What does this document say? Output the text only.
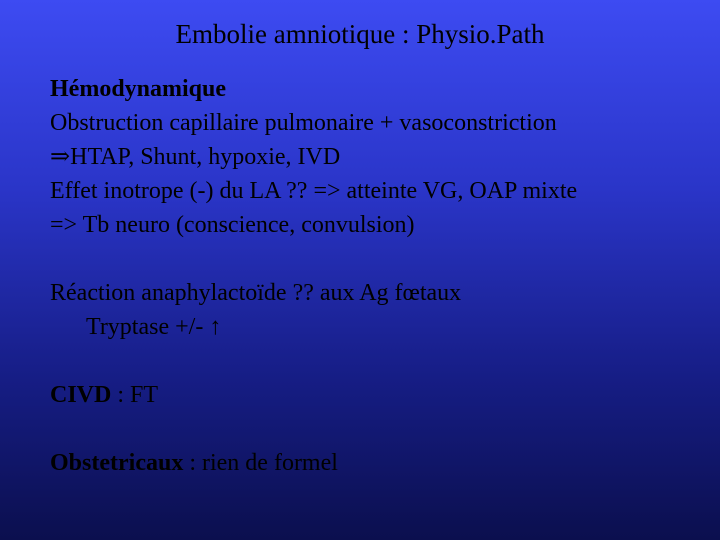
Embolie amniotique : Physio.Path
Hémodynamique
Obstruction capillaire pulmonaire + vasoconstriction
⇒HTAP, Shunt, hypoxie, IVD
Effet inotrope (-) du LA ?? => atteinte VG, OAP mixte
=> Tb neuro (conscience, convulsion)
Réaction anaphylactoïde ?? aux Ag fœtaux
Tryptase +/- ↑
CIVD : FT
Obstetricaux : rien de formel
